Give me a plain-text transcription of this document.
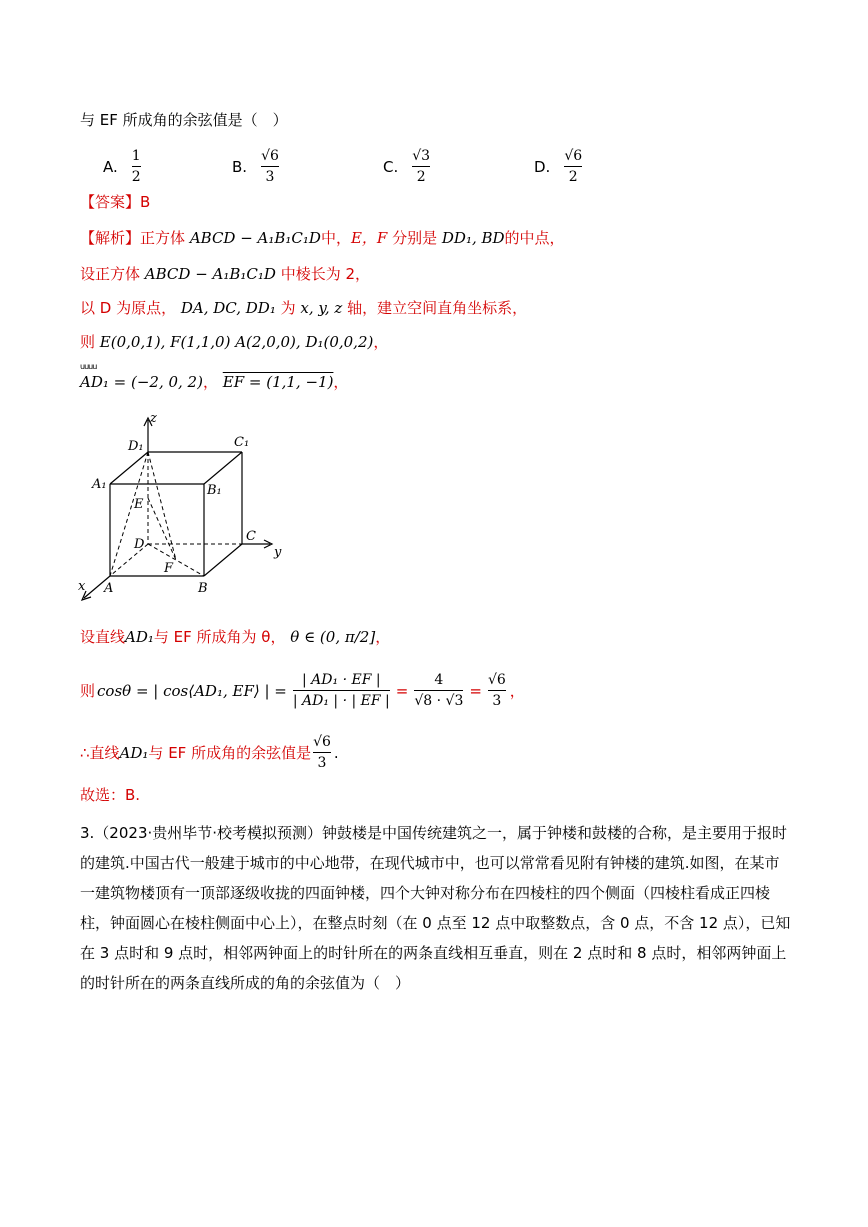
与 EF 所成角的余弦值是（　）
A. $\frac{1}{2}$	B. $\frac{√6}{3}$	C. $\frac{√3}{2}$	D. $\frac{√6}{2}$
【答案】B
【解析】正方体 ABCD − A₁B₁C₁D中，E，F 分别是 DD₁, BD的中点，
设正方体 ABCD − A₁B₁C₁D 中棱长为 2，
以 D 为原点， DA, DC, DD₁ 为 x, y, z 轴，建立空间直角坐标系，
则 E(0,0,1), F(1,1,0) A(2,0,0), D₁(0,0,2)，
uuuu
AD₁ = (−2, 0, 2)， EF = (1,1, −1)，
z
y
x
D₁	C₁
A₁	B₁
E
D
C
F
A	B
设直线AD₁与 EF 所成角为 θ， θ ∈ (0, π/2]，
则 cosθ = | cos⟨AD₁, EF⟩ | = $\frac{\text{| AD₁ · EF |}}{\text{| AD₁ | · | EF |}} = \frac{4}{√8 \cdot √3} = \frac{√6}{3}$ ，
∴直线 AD₁ 与 EF 所成角的余弦值是 $\frac{√6}{3}$ .
故选：B.

3.（2023·贵州毕节·校考模拟预测）钟鼓楼是中国传统建筑之一，属于钟楼和鼓楼的合称，是主要用于报时

的建筑.中国古代一般建于城市的中心地带，在现代城市中，也可以常常看见附有钟楼的建筑.如图，在某市

一建筑物楼顶有一顶部逐级收拢的四面钟楼，四个大钟对称分布在四棱柱的四个侧面（四棱柱看成正四棱

柱，钟面圆心在棱柱侧面中心上），在整点时刻（在 0 点至 12 点中取整数点，含 0 点，不含 12 点），已知

在 3 点时和 9 点时，相邻两钟面上的时针所在的两条直线相互垂直，则在 2 点时和 8 点时，相邻两钟面上

的时针所在的两条直线所成的角的余弦值为（　）
